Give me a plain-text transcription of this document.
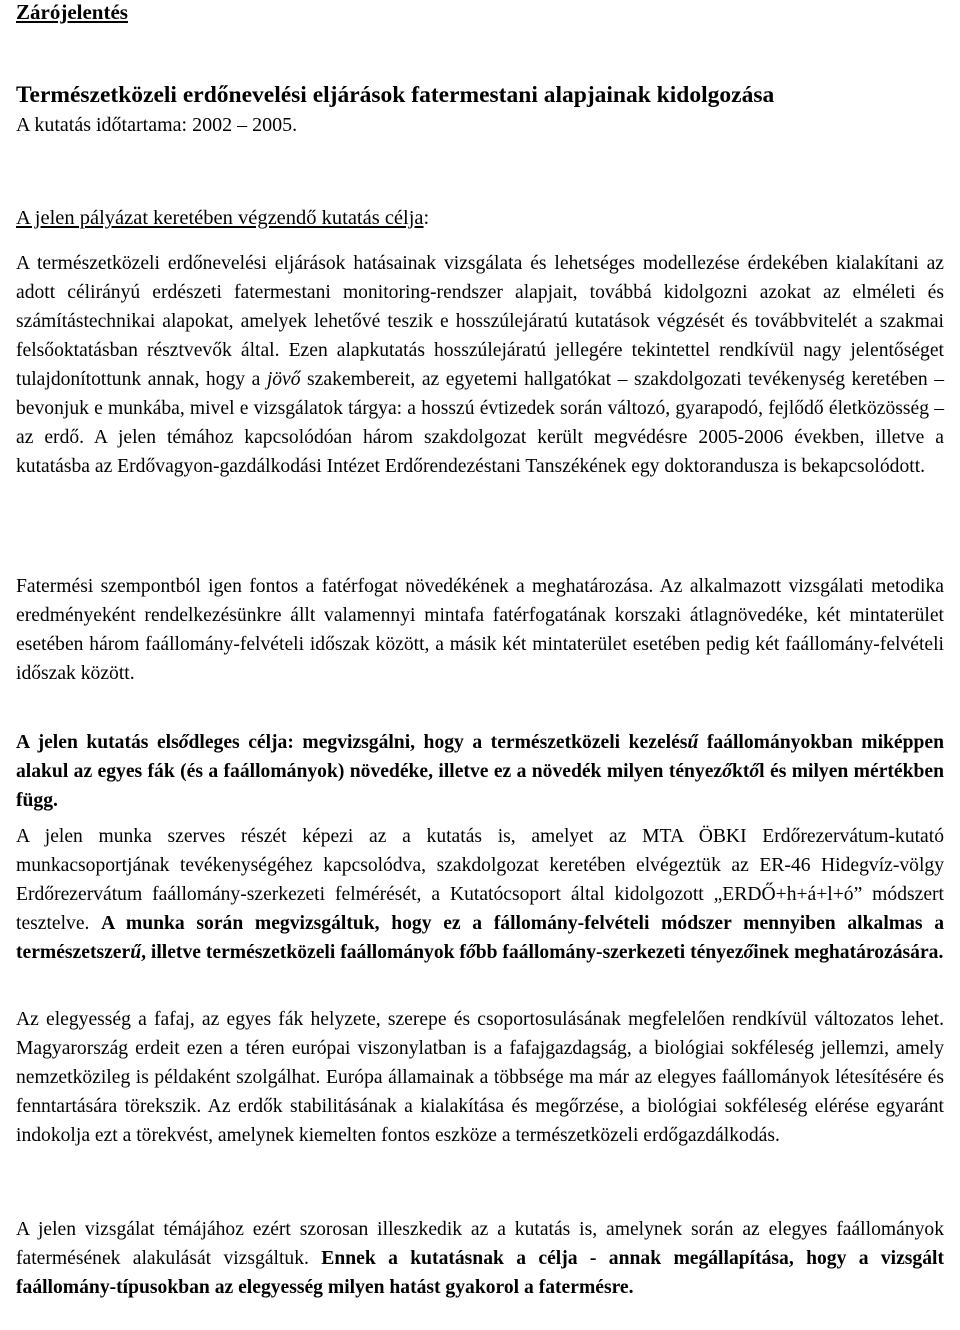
Zárójelentés
Természetközeli erdőnevelési eljárások fatermestani alapjainak kidolgozása

A kutatás időtartama: 2002 – 2005.

A jelen pályázat keretében végzendő kutatás célja:

A természetközeli erdőnevelési eljárások hatásainak vizsgálata és lehetséges modellezése érdekében kialakítani az adott célirányú erdészeti fatermestani monitoring-rendszer alapjait, továbbá kidolgozni azokat az elméleti és számítástechnikai alapokat, amelyek lehetővé teszik e hosszúlejáratú kutatások végzését és továbbvitelét a szakmai felsőoktatásban résztvevők által. Ezen alapkutatás hosszúlejáratú jellegére tekintettel rendkívül nagy jelentőséget tulajdonítottunk annak, hogy a jövő szakembereit, az egyetemi hallgatókat – szakdolgozati tevékenység keretében – bevonjuk e munkába, mivel e vizsgálatok tárgya: a hosszú évtizedek során változó, gyarapodó, fejlődő életközösség – az erdő. A jelen témához kapcsolódóan három szakdolgozat került megvédésre 2005-2006 években, illetve a kutatásba az Erdővagyon-gazdálkodási Intézet Erdőrendezéstani Tanszékének egy doktorandusza is bekapcsolódott.

Fatermési szempontból igen fontos a fatérfogat növedékének a meghatározása. Az alkalmazott vizsgálati metodika eredményeként rendelkezésünkre állt valamennyi mintafa fatérfogatának korszaki átlagnövedéke, két mintaterület esetében három faállomány-felvételi időszak között, a másik két mintaterület esetében pedig két faállomány-felvételi időszak között.

A jelen kutatás elsődleges célja: megvizsgálni, hogy a természetközeli kezelésű faállományokban miképpen alakul az egyes fák (és a faállományok) növedéke, illetve ez a növedék milyen tényezőktől és milyen mértékben függ.

A jelen munka szerves részét képezi az a kutatás is, amelyet az MTA ÖBKI Erdőrezervátum-kutató munkacsoportjának tevékenységéhez kapcsolódva, szakdolgozat keretében elvégeztük az ER-46 Hidegvíz-völgy Erdőrezervátum faállomány-szerkezeti felmérését, a Kutatócsoport által kidolgozott „ERDŐ+h+á+l+ó” módszert tesztelve. A munka során megvizsgáltuk, hogy ez a fállomány-felvételi módszer mennyiben alkalmas a természetszerű, illetve természetközeli faállományok főbb faállomány-szerkezeti tényezőinek meghatározására.

Az elegyesség a fafaj, az egyes fák helyzete, szerepe és csoportosulásának megfelelően rendkívül változatos lehet. Magyarország erdeit ezen a téren európai viszonylatban is a fafajgazdagság, a biológiai sokféleség jellemzi, amely nemzetközileg is példaként szolgálhat. Európa államainak a többsége ma már az elegyes faállományok létesítésére és fenntartására törekszik. Az erdők stabilitásának a kialakítása és megőrzése, a biológiai sokféleség elérése egyaránt indokolja ezt a törekvést, amelynek kiemelten fontos eszköze a természetközeli erdőgazdálkodás.

A jelen vizsgálat témájához ezért szorosan illeszkedik az a kutatás is, amelynek során az elegyes faállományok fatermésének alakulását vizsgáltuk. Ennek a kutatásnak a célja - annak megállapítása, hogy a vizsgált faállomány-típusokban az elegyesség milyen hatást gyakorol a fatermésre.
